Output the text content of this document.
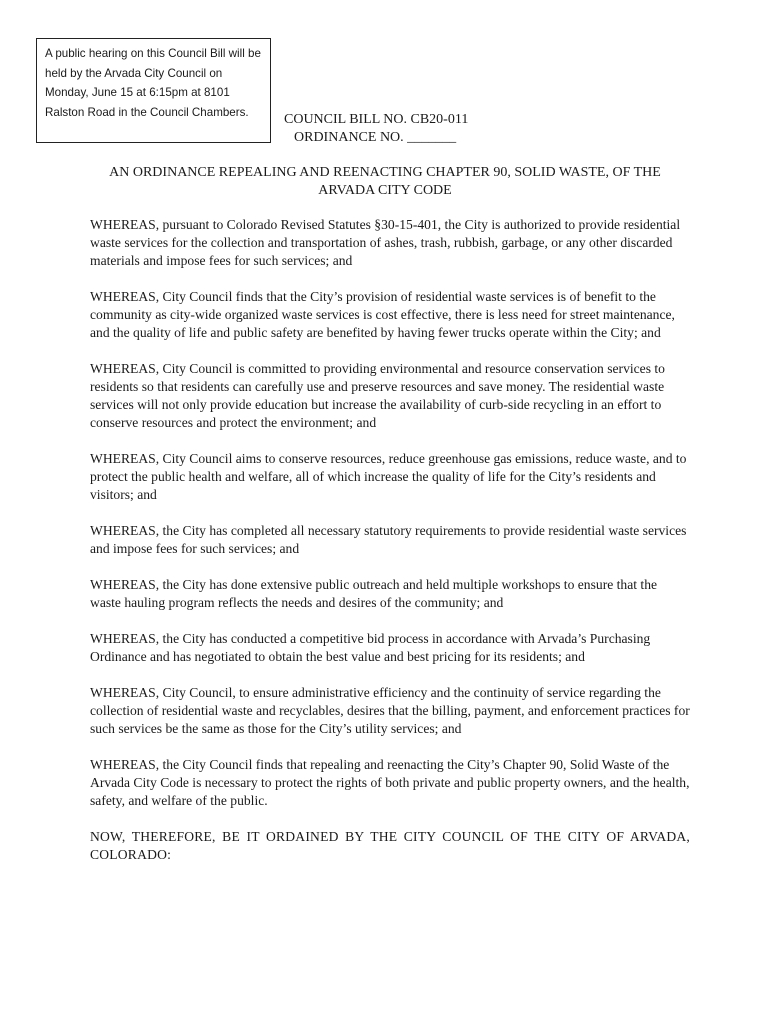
A public hearing on this Council Bill will be held by the Arvada City Council on Monday, June 15 at 6:15pm at 8101 Ralston Road in the Council Chambers.	COUNCIL BILL NO. CB20-011
ORDINANCE NO. _______
AN ORDINANCE REPEALING AND REENACTING CHAPTER 90, SOLID WASTE, OF THE ARVADA CITY CODE

WHEREAS, pursuant to Colorado Revised Statutes §30-15-401, the City is authorized to provide residential waste services for the collection and transportation of ashes, trash, rubbish, garbage, or any other discarded materials and impose fees for such services; and

WHEREAS, City Council finds that the City’s provision of residential waste services is of benefit to the community as city-wide organized waste services is cost effective, there is less need for street maintenance, and the quality of life and public safety are benefited by having fewer trucks operate within the City; and

WHEREAS, City Council is committed to providing environmental and resource conservation services to residents so that residents can carefully use and preserve resources and save money. The residential waste services will not only provide education but increase the availability of curb-side recycling in an effort to conserve resources and protect the environment; and

WHEREAS, City Council aims to conserve resources, reduce greenhouse gas emissions, reduce waste, and to protect the public health and welfare, all of which increase the quality of life for the City’s residents and visitors; and

WHEREAS, the City has completed all necessary statutory requirements to provide residential waste services and impose fees for such services; and

WHEREAS, the City has done extensive public outreach and held multiple workshops to ensure that the waste hauling program reflects the needs and desires of the community; and

WHEREAS, the City has conducted a competitive bid process in accordance with Arvada’s Purchasing Ordinance and has negotiated to obtain the best value and best pricing for its residents; and

WHEREAS, City Council, to ensure administrative efficiency and the continuity of service regarding the collection of residential waste and recyclables, desires that the billing, payment, and enforcement practices for such services be the same as those for the City’s utility services; and

WHEREAS, the City Council finds that repealing and reenacting the City’s Chapter 90, Solid Waste of the Arvada City Code is necessary to protect the rights of both private and public property owners, and the health, safety, and welfare of the public.

NOW, THEREFORE, BE IT ORDAINED BY THE CITY COUNCIL OF THE CITY OF ARVADA, COLORADO:
